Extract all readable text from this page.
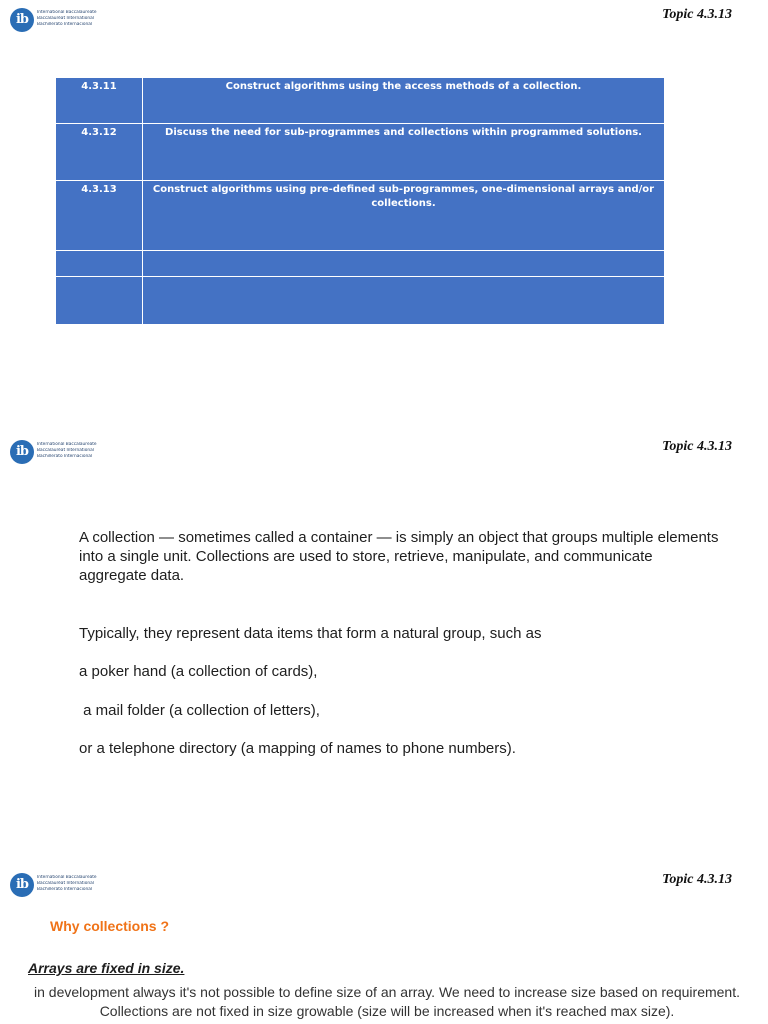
ib	International Baccalaureate
Baccalauréat International
Bachillerato Internacional
Topic 4.3.13
4.3.11	Construct algorithms using the access methods of a collection.
4.3.12	Discuss the need for sub-programmes and collections within programmed solutions.
4.3.13	Construct algorithms using pre-defined sub-programmes, one-dimensional arrays and/or collections.

ib	International Baccalaureate
Baccalauréat International
Bachillerato Internacional
Topic 4.3.13

A collection — sometimes called a container — is simply an object that groups multiple elements into a single unit. Collections are used to store, retrieve, manipulate, and communicate aggregate data.

Typically, they represent data items that form a natural group, such as

a poker hand (a collection of cards),

a mail folder (a collection of letters),

or a telephone directory (a mapping of names to phone numbers).

ib	International Baccalaureate
Baccalauréat International
Bachillerato Internacional
Topic 4.3.13
Why collections ?
Arrays are fixed in size.

in development always it's not possible to define size of an array. We need to increase size based on requirement. Collections are not fixed in size growable (size will be increased when it's reached max size).
